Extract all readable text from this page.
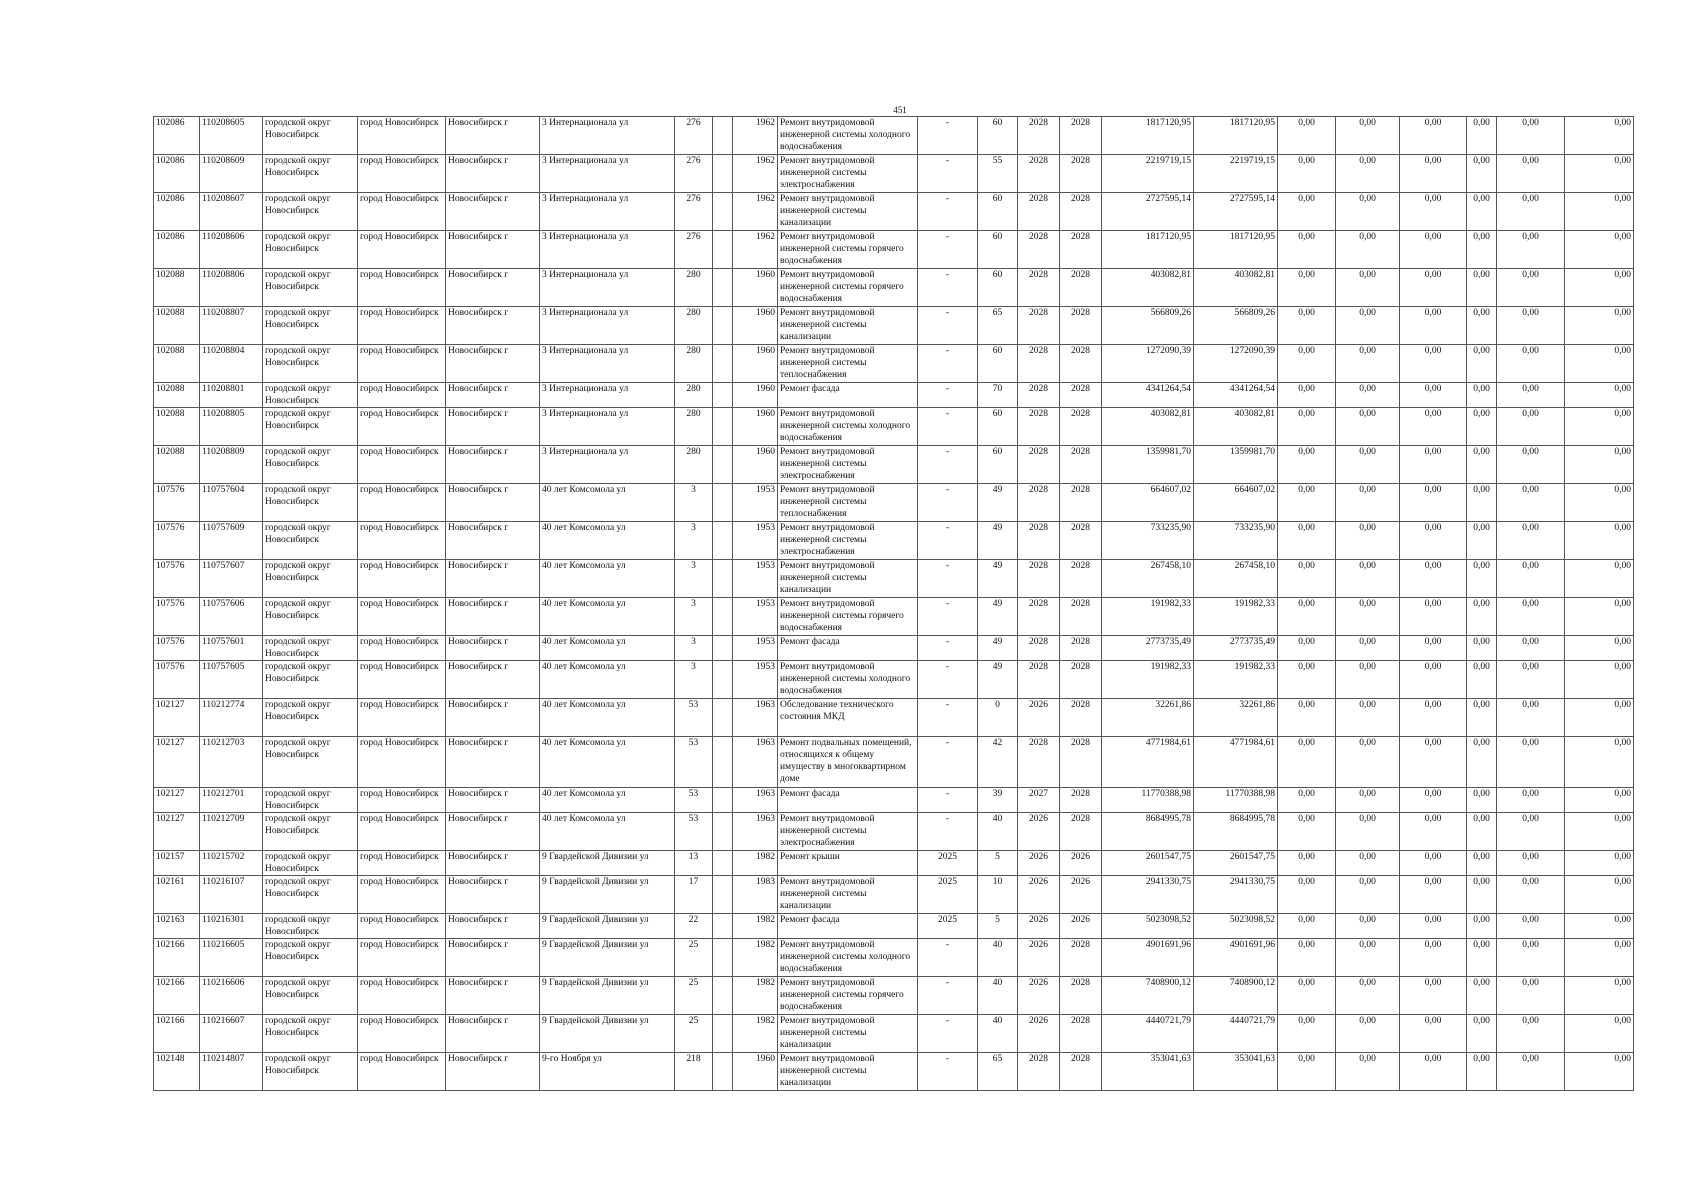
451
102086	110208605	городской округ Новосибирск	город Новосибирск	Новосибирск г	3 Интернационала ул	276		1962	Ремонт внутридомовой инженерной системы холодного водоснабжения	-	60	2028	2028	1817120,95	1817120,95	0,00	0,00	0,00	0,00	0,00	0,00
102086	110208609	городской округ Новосибирск	город Новосибирск	Новосибирск г	3 Интернационала ул	276		1962	Ремонт внутридомовой инженерной системы электроснабжения	-	55	2028	2028	2219719,15	2219719,15	0,00	0,00	0,00	0,00	0,00	0,00
102086	110208607	городской округ Новосибирск	город Новосибирск	Новосибирск г	3 Интернационала ул	276		1962	Ремонт внутридомовой инженерной системы канализации	-	60	2028	2028	2727595,14	2727595,14	0,00	0,00	0,00	0,00	0,00	0,00
102086	110208606	городской округ Новосибирск	город Новосибирск	Новосибирск г	3 Интернационала ул	276		1962	Ремонт внутридомовой инженерной системы горячего водоснабжения	-	60	2028	2028	1817120,95	1817120,95	0,00	0,00	0,00	0,00	0,00	0,00
102088	110208806	городской округ Новосибирск	город Новосибирск	Новосибирск г	3 Интернационала ул	280		1960	Ремонт внутридомовой инженерной системы горячего водоснабжения	-	60	2028	2028	403082,81	403082,81	0,00	0,00	0,00	0,00	0,00	0,00
102088	110208807	городской округ Новосибирск	город Новосибирск	Новосибирск г	3 Интернационала ул	280		1960	Ремонт внутридомовой инженерной системы канализации	-	65	2028	2028	566809,26	566809,26	0,00	0,00	0,00	0,00	0,00	0,00
102088	110208804	городской округ Новосибирск	город Новосибирск	Новосибирск г	3 Интернационала ул	280		1960	Ремонт внутридомовой инженерной системы теплоснабжения	-	60	2028	2028	1272090,39	1272090,39	0,00	0,00	0,00	0,00	0,00	0,00
102088	110208801	городской округ Новосибирск	город Новосибирск	Новосибирск г	3 Интернационала ул	280		1960	Ремонт фасада	-	70	2028	2028	4341264,54	4341264,54	0,00	0,00	0,00	0,00	0,00	0,00
102088	110208805	городской округ Новосибирск	город Новосибирск	Новосибирск г	3 Интернационала ул	280		1960	Ремонт внутридомовой инженерной системы холодного водоснабжения	-	60	2028	2028	403082,81	403082,81	0,00	0,00	0,00	0,00	0,00	0,00
102088	110208809	городской округ Новосибирск	город Новосибирск	Новосибирск г	3 Интернационала ул	280		1960	Ремонт внутридомовой инженерной системы электроснабжения	-	60	2028	2028	1359981,70	1359981,70	0,00	0,00	0,00	0,00	0,00	0,00
107576	110757604	городской округ Новосибирск	город Новосибирск	Новосибирск г	40 лет Комсомола ул	3		1953	Ремонт внутридомовой инженерной системы теплоснабжения	-	49	2028	2028	664607,02	664607,02	0,00	0,00	0,00	0,00	0,00	0,00
107576	110757609	городской округ Новосибирск	город Новосибирск	Новосибирск г	40 лет Комсомола ул	3		1953	Ремонт внутридомовой инженерной системы электроснабжения	-	49	2028	2028	733235,90	733235,90	0,00	0,00	0,00	0,00	0,00	0,00
107576	110757607	городской округ Новосибирск	город Новосибирск	Новосибирск г	40 лет Комсомола ул	3		1953	Ремонт внутридомовой инженерной системы канализации	-	49	2028	2028	267458,10	267458,10	0,00	0,00	0,00	0,00	0,00	0,00
107576	110757606	городской округ Новосибирск	город Новосибирск	Новосибирск г	40 лет Комсомола ул	3		1953	Ремонт внутридомовой инженерной системы горячего водоснабжения	-	49	2028	2028	191982,33	191982,33	0,00	0,00	0,00	0,00	0,00	0,00
107576	110757601	городской округ Новосибирск	город Новосибирск	Новосибирск г	40 лет Комсомола ул	3		1953	Ремонт фасада	-	49	2028	2028	2773735,49	2773735,49	0,00	0,00	0,00	0,00	0,00	0,00
107576	110757605	городской округ Новосибирск	город Новосибирск	Новосибирск г	40 лет Комсомола ул	3		1953	Ремонт внутридомовой инженерной системы холодного водоснабжения	-	49	2028	2028	191982,33	191982,33	0,00	0,00	0,00	0,00	0,00	0,00
102127	110212774	городской округ Новосибирск	город Новосибирск	Новосибирск г	40 лет Комсомола ул	53		1963	Обследование технического состояния МКД	-	0	2026	2028	32261,86	32261,86	0,00	0,00	0,00	0,00	0,00	0,00
102127	110212703	городской округ Новосибирск	город Новосибирск	Новосибирск г	40 лет Комсомола ул	53		1963	Ремонт подвальных помещений, относящихся к общему имуществу в многоквартирном доме	-	42	2028	2028	4771984,61	4771984,61	0,00	0,00	0,00	0,00	0,00	0,00
102127	110212701	городской округ Новосибирск	город Новосибирск	Новосибирск г	40 лет Комсомола ул	53		1963	Ремонт фасада	-	39	2027	2028	11770388,98	11770388,98	0,00	0,00	0,00	0,00	0,00	0,00
102127	110212709	городской округ Новосибирск	город Новосибирск	Новосибирск г	40 лет Комсомола ул	53		1963	Ремонт внутридомовой инженерной системы электроснабжения	-	40	2026	2028	8684995,78	8684995,78	0,00	0,00	0,00	0,00	0,00	0,00
102157	110215702	городской округ Новосибирск	город Новосибирск	Новосибирск г	9 Гвардейской Дивизии ул	13		1982	Ремонт крыши	2025	5	2026	2026	2601547,75	2601547,75	0,00	0,00	0,00	0,00	0,00	0,00
102161	110216107	городской округ Новосибирск	город Новосибирск	Новосибирск г	9 Гвардейской Дивизии ул	17		1983	Ремонт внутридомовой инженерной системы канализации	2025	10	2026	2026	2941330,75	2941330,75	0,00	0,00	0,00	0,00	0,00	0,00
102163	110216301	городской округ Новосибирск	город Новосибирск	Новосибирск г	9 Гвардейской Дивизии ул	22		1982	Ремонт фасада	2025	5	2026	2026	5023098,52	5023098,52	0,00	0,00	0,00	0,00	0,00	0,00
102166	110216605	городской округ Новосибирск	город Новосибирск	Новосибирск г	9 Гвардейской Дивизии ул	25		1982	Ремонт внутридомовой инженерной системы холодного водоснабжения	-	40	2026	2028	4901691,96	4901691,96	0,00	0,00	0,00	0,00	0,00	0,00
102166	110216606	городской округ Новосибирск	город Новосибирск	Новосибирск г	9 Гвардейской Дивизии ул	25		1982	Ремонт внутридомовой инженерной системы горячего водоснабжения	-	40	2026	2028	7408900,12	7408900,12	0,00	0,00	0,00	0,00	0,00	0,00
102166	110216607	городской округ Новосибирск	город Новосибирск	Новосибирск г	9 Гвардейской Дивизии ул	25		1982	Ремонт внутридомовой инженерной системы канализации	-	40	2026	2028	4440721,79	4440721,79	0,00	0,00	0,00	0,00	0,00	0,00
102148	110214807	городской округ Новосибирск	город Новосибирск	Новосибирск г	9-го Ноября ул	218		1960	Ремонт внутридомовой инженерной системы канализации	-	65	2028	2028	353041,63	353041,63	0,00	0,00	0,00	0,00	0,00	0,00
